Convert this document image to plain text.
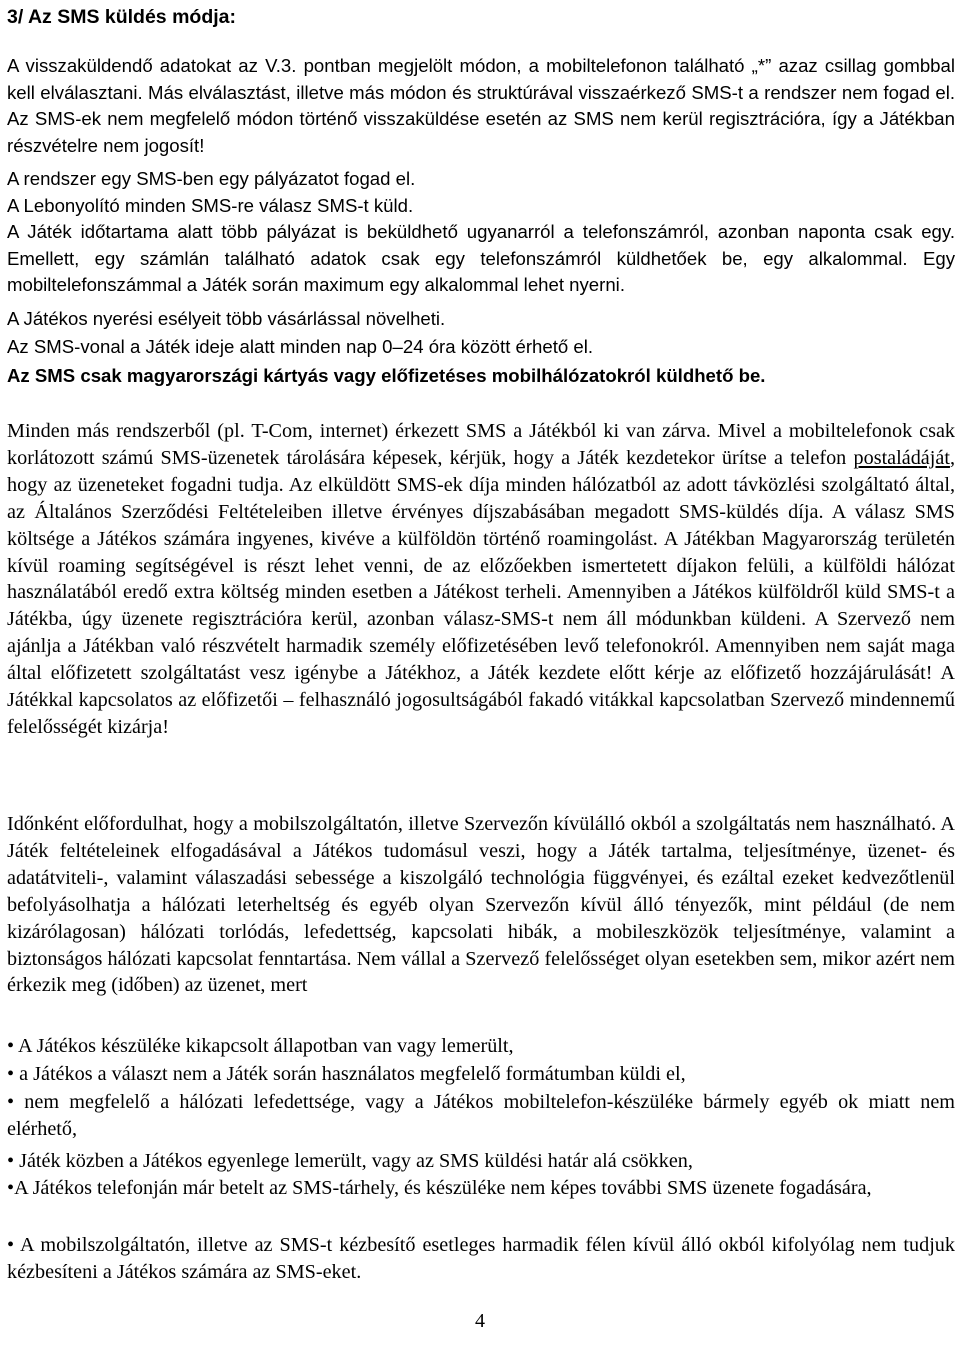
3/ Az SMS küldés módja:
A visszaküldendő adatokat az V.3. pontban megjelölt módon, a mobiltelefonon található „*” azaz csillag gombbal kell elválasztani. Más elválasztást, illetve más módon és struktúrával visszaérkező SMS-t a rendszer nem fogad el. Az SMS-ek nem megfelelő módon történő visszaküldése esetén az SMS nem kerül regisztrációra, így a Játékban részvételre nem jogosít!
A rendszer egy SMS-ben egy pályázatot fogad el.
A Lebonyolító minden SMS-re válasz SMS-t küld.
A Játék időtartama alatt több pályázat is beküldhető ugyanarról a telefonszámról, azonban naponta csak egy. Emellett, egy számlán található adatok csak egy telefonszámról küldhetőek be, egy alkalommal. Egy mobiltelefonszámmal a Játék során maximum egy alkalommal lehet nyerni.
A Játékos nyerési esélyeit több vásárlással növelheti.
Az SMS-vonal a Játék ideje alatt minden nap 0–24 óra között érhető el.
Az SMS csak magyarországi kártyás vagy előfizetéses mobilhálózatokról küldhető be.
Minden más rendszerből (pl. T-Com, internet) érkezett SMS a Játékból ki van zárva. Mivel a mobiltelefonok csak korlátozott számú SMS-üzenetek tárolására képesek, kérjük, hogy a Játék kezdetekor ürítse a telefon postaládáját, hogy az üzeneteket fogadni tudja. Az elküldött SMS-ek díja minden hálózatból az adott távközlési szolgáltató által, az Általános Szerződési Feltételeiben illetve érvényes díjszabásában megadott SMS-küldés díja. A válasz SMS költsége a Játékos számára ingyenes, kivéve a külföldön történő roamingolást. A Játékban Magyarország területén kívül roaming segítségével is részt lehet venni, de az előzőekben ismertetett díjakon felüli, a külföldi hálózat használatából eredő extra költség minden esetben a Játékost terheli. Amennyiben a Játékos külföldről küld SMS-t a Játékba, úgy üzenete regisztrációra kerül, azonban válasz-SMS-t nem áll módunkban küldeni. A Szervező nem ajánlja a Játékban való részvételt harmadik személy előfizetésében levő telefonokról. Amennyiben nem saját maga által előfizetett szolgáltatást vesz igénybe a Játékhoz, a Játék kezdete előtt kérje az előfizető hozzájárulását! A Játékkal kapcsolatos az előfizetői – felhasználó jogosultságából fakadó vitákkal kapcsolatban Szervező mindennemű felelősségét kizárja!
Időnként előfordulhat, hogy a mobilszolgáltatón, illetve Szervezőn kívülálló okból a szolgáltatás nem használható. A Játék feltételeinek elfogadásával a Játékos tudomásul veszi, hogy a Játék tartalma, teljesítménye, üzenet- és adatátviteli-, valamint válaszadási sebessége a kiszolgáló technológia függvényei, és ezáltal ezeket kedvezőtlenül befolyásolhatja a hálózati leterheltség és egyéb olyan Szervezőn kívül álló tényezők, mint például (de nem kizárólagosan) hálózati torlódás, lefedettség, kapcsolati hibák, a mobileszközök teljesítménye, valamint a biztonságos hálózati kapcsolat fenntartása. Nem vállal a Szervező felelősséget olyan esetekben sem, mikor azért nem érkezik meg (időben) az üzenet, mert
• A Játékos készüléke kikapcsolt állapotban van vagy lemerült,
• a Játékos a választ nem a Játék során használatos megfelelő formátumban küldi el,
• nem megfelelő a hálózati lefedettsége, vagy a Játékos mobiltelefon-készüléke bármely egyéb ok miatt nem elérhető,
• Játék közben a Játékos egyenlege lemerült, vagy az SMS küldési határ alá csökken,
•A Játékos telefonján már betelt az SMS-tárhely, és készüléke nem képes további SMS üzenete fogadására,
• A mobilszolgáltatón, illetve az SMS-t kézbesítő esetleges harmadik félen kívül álló okból kifolyólag nem tudjuk kézbesíteni a Játékos számára az SMS-eket.
4
